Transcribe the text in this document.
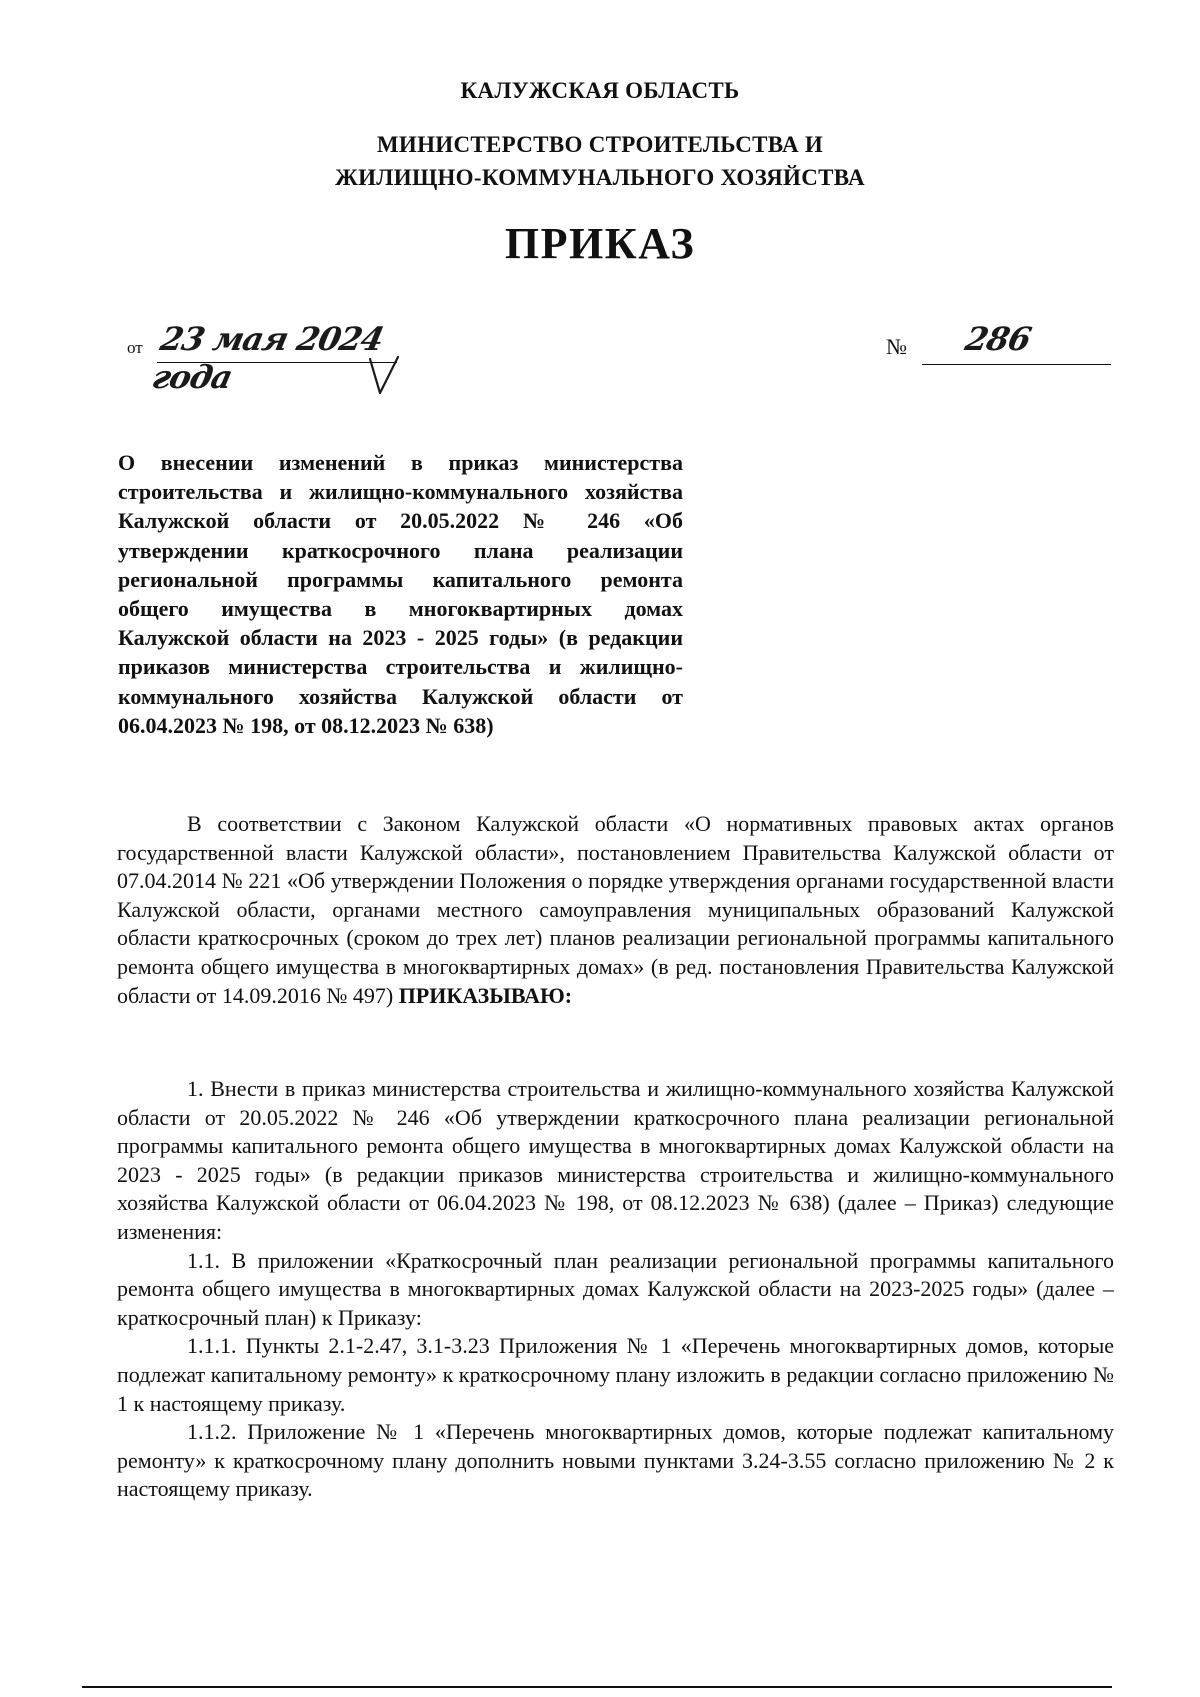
КАЛУЖСКАЯ ОБЛАСТЬ
МИНИСТЕРСТВО СТРОИТЕЛЬСТВА И
ЖИЛИЩНО-КОММУНАЛЬНОГО ХОЗЯЙСТВА
ПРИКАЗ
от 23 мая 2024 года
№ 286
О внесении изменений в приказ министерства строительства и жилищно-коммунального хозяйства Калужской области от 20.05.2022 № 246 «Об утверждении краткосрочного плана реализации региональной программы капитального ремонта общего имущества в многоквартирных домах Калужской области на 2023 - 2025 годы» (в редакции приказов министерства строительства и жилищно-коммунального хозяйства Калужской области от 06.04.2023 № 198, от 08.12.2023 № 638)

В соответствии с Законом Калужской области «О нормативных правовых актах органов государственной власти Калужской области», постановлением Правительства Калужской области от 07.04.2014 № 221 «Об утверждении Положения о порядке утверждения органами государственной власти Калужской области, органами местного самоуправления муниципальных образований Калужской области краткосрочных (сроком до трех лет) планов реализации региональной программы капитального ремонта общего имущества в многоквартирных домах» (в ред. постановления Правительства Калужской области от 14.09.2016 № 497) ПРИКАЗЫВАЮ:

1. Внести в приказ министерства строительства и жилищно-коммунального хозяйства Калужской области от 20.05.2022 № 246 «Об утверждении краткосрочного плана реализации региональной программы капитального ремонта общего имущества в многоквартирных домах Калужской области на 2023 - 2025 годы» (в редакции приказов министерства строительства и жилищно-коммунального хозяйства Калужской области от 06.04.2023 № 198, от 08.12.2023 № 638) (далее – Приказ) следующие изменения:

1.1. В приложении «Краткосрочный план реализации региональной программы капитального ремонта общего имущества в многоквартирных домах Калужской области на 2023-2025 годы» (далее – краткосрочный план) к Приказу:

1.1.1. Пункты 2.1-2.47, 3.1-3.23 Приложения № 1 «Перечень многоквартирных домов, которые подлежат капитальному ремонту» к краткосрочному плану изложить в редакции согласно приложению № 1 к настоящему приказу.

1.1.2. Приложение № 1 «Перечень многоквартирных домов, которые подлежат капитальному ремонту» к краткосрочному плану дополнить новыми пунктами 3.24-3.55 согласно приложению № 2 к настоящему приказу.
